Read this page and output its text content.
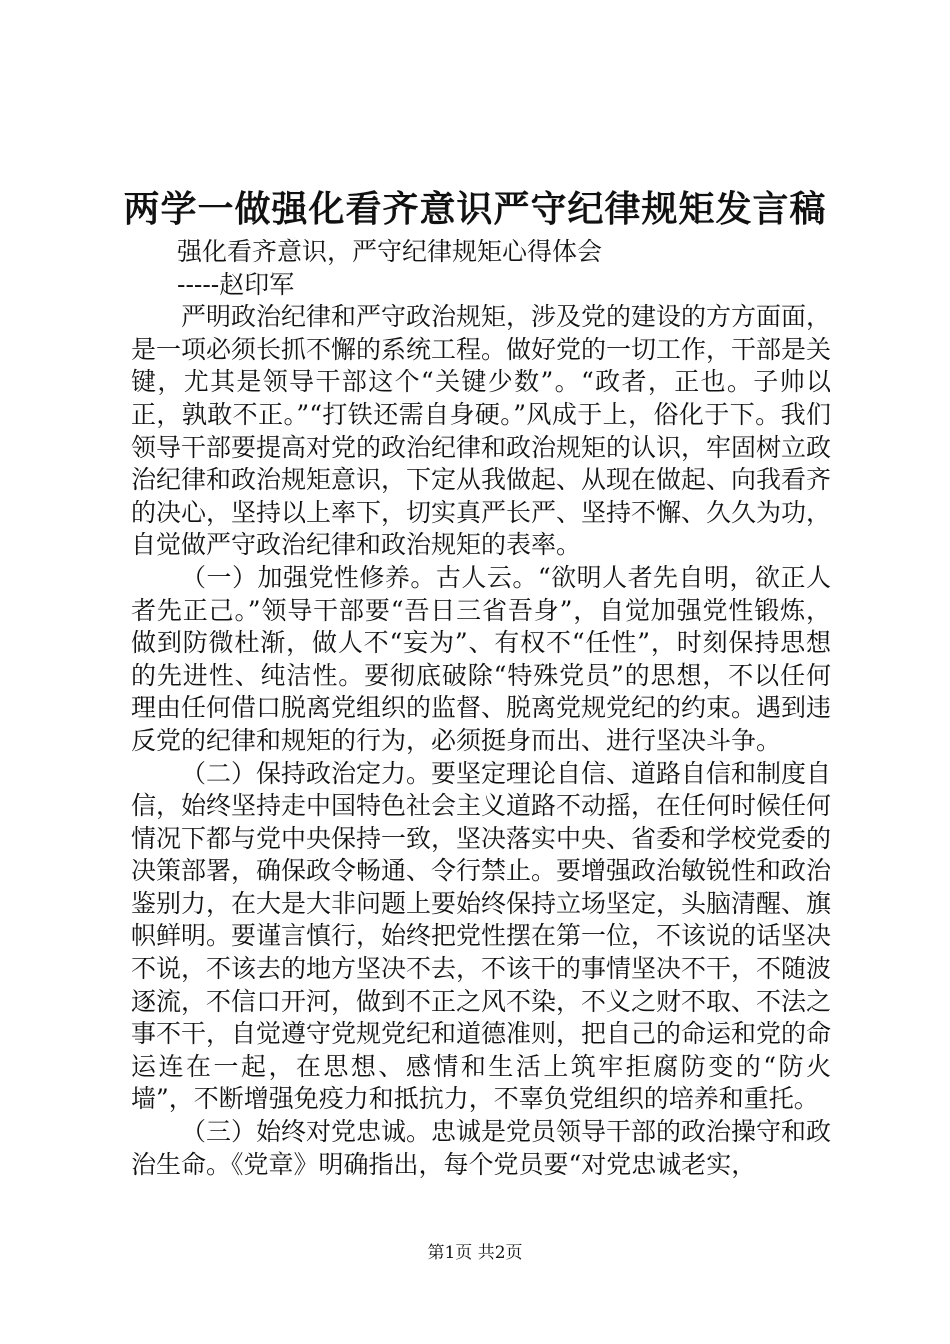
两学一做强化看齐意识严守纪律规矩发言稿
强化看齐意识，严守纪律规矩心得体会
-----赵印军

严明政治纪律和严守政治规矩，涉及党的建设的方方面面，是一项必须长抓不懈的系统工程。做好党的一切工作，干部是关键，尤其是领导干部这个“关键少数”。“政者，正也。子帅以正，孰敢不正。”“打铁还需自身硬。”风成于上，俗化于下。我们领导干部要提高对党的政治纪律和政治规矩的认识，牢固树立政治纪律和政治规矩意识，下定从我做起、从现在做起、向我看齐的决心，坚持以上率下，切实真严长严、坚持不懈、久久为功，自觉做严守政治纪律和政治规矩的表率。

（一）加强党性修养。古人云。“欲明人者先自明，欲正人者先正己。”领导干部要“吾日三省吾身”，自觉加强党性锻炼，做到防微杜渐，做人不“妄为”、有权不“任性”，时刻保持思想的先进性、纯洁性。要彻底破除“特殊党员”的思想，不以任何理由任何借口脱离党组织的监督、脱离党规党纪的约束。遇到违反党的纪律和规矩的行为，必须挺身而出、进行坚决斗争。

（二）保持政治定力。要坚定理论自信、道路自信和制度自信，始终坚持走中国特色社会主义道路不动摇，在任何时候任何情况下都与党中央保持一致，坚决落实中央、省委和学校党委的决策部署，确保政令畅通、令行禁止。要增强政治敏锐性和政治鉴别力，在大是大非问题上要始终保持立场坚定，头脑清醒、旗帜鲜明。要谨言慎行，始终把党性摆在第一位，不该说的话坚决不说，不该去的地方坚决不去，不该干的事情坚决不干，不随波逐流，不信口开河，做到不正之风不染，不义之财不取、不法之事不干，自觉遵守党规党纪和道德准则，把自己的命运和党的命运连在一起，在思想、感情和生活上筑牢拒腐防变的“防火墙”，不断增强免疫力和抵抗力，不辜负党组织的培养和重托。

（三）始终对党忠诚。忠诚是党员领导干部的政治操守和政治生命。《党章》明确指出，每个党员要“对党忠诚老实，

第1页 共2页
